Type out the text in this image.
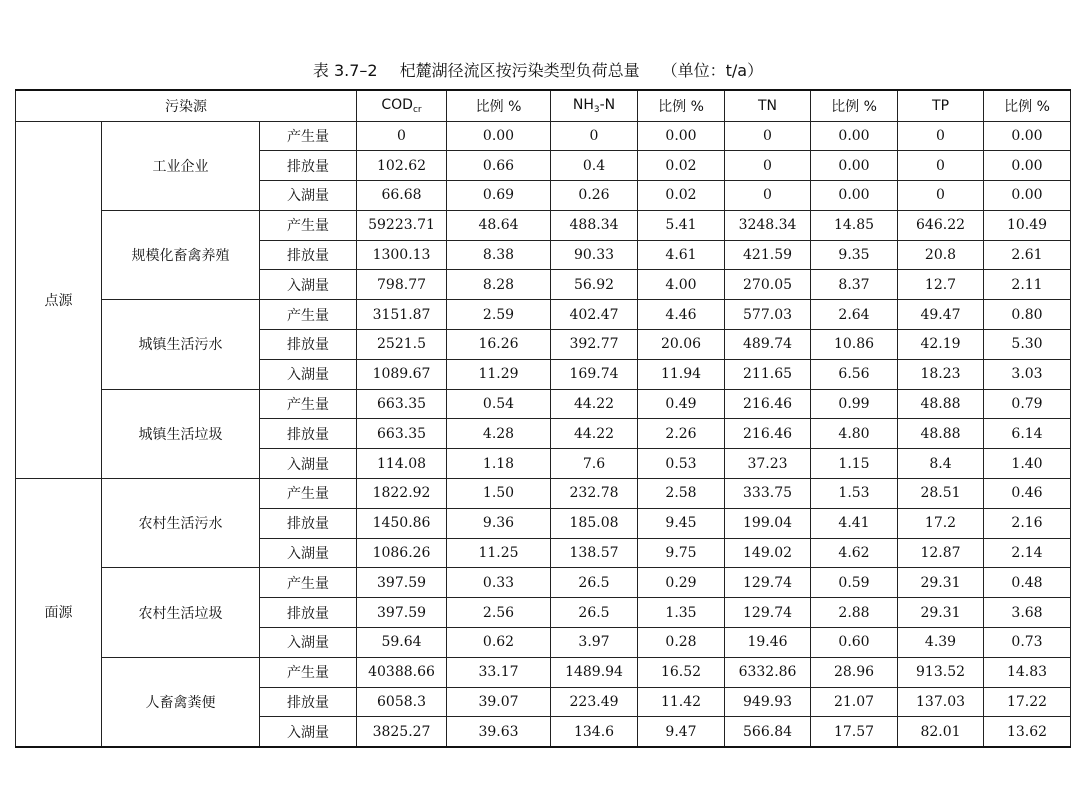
表 3.7–2 杞麓湖径流区按污染类型负荷总量 （单位：t/a）
污染源			$COD_{cr}$	比例 %	$NH_3-N$	比例 %	TN	比例 %	TP	比例 %
点源	工业企业	产生量	0	0.00	0	0.00	0	0.00	0	0.00
		排放量	102.62	0.66	0.4	0.02	0	0.00	0	0.00
		入湖量	66.68	0.69	0.26	0.02	0	0.00	0	0.00
	规模化畜禽养殖	产生量	59223.71	48.64	488.34	5.41	3248.34	14.85	646.22	10.49
		排放量	1300.13	8.38	90.33	4.61	421.59	9.35	20.8	2.61
		入湖量	798.77	8.28	56.92	4.00	270.05	8.37	12.7	2.11
	城镇生活污水	产生量	3151.87	2.59	402.47	4.46	577.03	2.64	49.47	0.80
		排放量	2521.5	16.26	392.77	20.06	489.74	10.86	42.19	5.30
		入湖量	1089.67	11.29	169.74	11.94	211.65	6.56	18.23	3.03
	城镇生活垃圾	产生量	663.35	0.54	44.22	0.49	216.46	0.99	48.88	0.79
		排放量	663.35	4.28	44.22	2.26	216.46	4.80	48.88	6.14
		入湖量	114.08	1.18	7.6	0.53	37.23	1.15	8.4	1.40
面源	农村生活污水	产生量	1822.92	1.50	232.78	2.58	333.75	1.53	28.51	0.46
		排放量	1450.86	9.36	185.08	9.45	199.04	4.41	17.2	2.16
		入湖量	1086.26	11.25	138.57	9.75	149.02	4.62	12.87	2.14
	农村生活垃圾	产生量	397.59	0.33	26.5	0.29	129.74	0.59	29.31	0.48
		排放量	397.59	2.56	26.5	1.35	129.74	2.88	29.31	3.68
		入湖量	59.64	0.62	3.97	0.28	19.46	0.60	4.39	0.73
	人畜禽粪便	产生量	40388.66	33.17	1489.94	16.52	6332.86	28.96	913.52	14.83
		排放量	6058.3	39.07	223.49	11.42	949.93	21.07	137.03	17.22
		入湖量	3825.27	39.63	134.6	9.47	566.84	17.57	82.01	13.62
